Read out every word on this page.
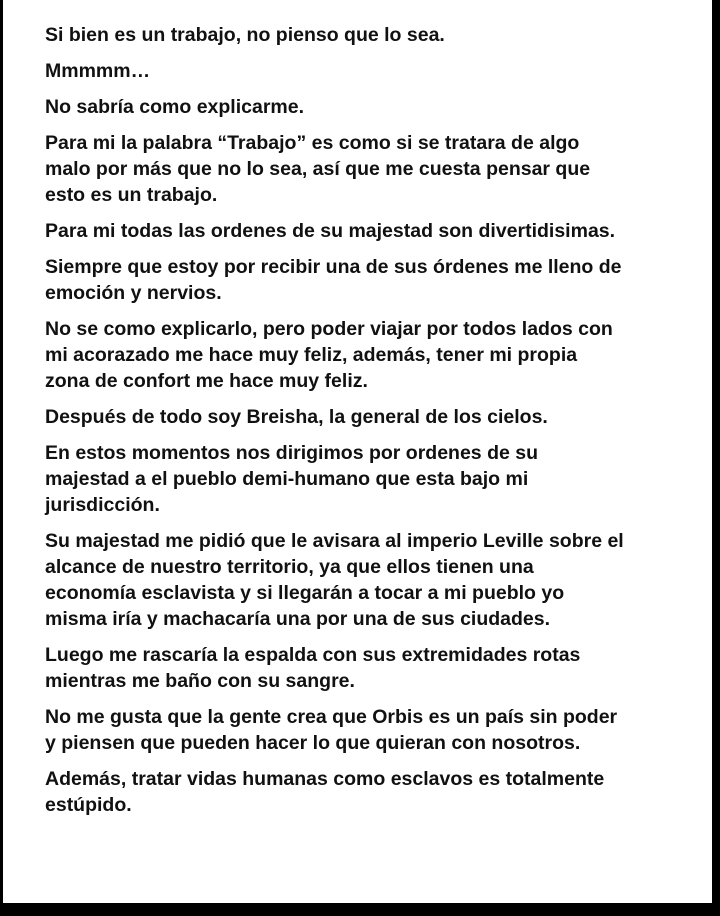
Si bien es un trabajo, no pienso que lo sea.

Mmmmm…

No sabría como explicarme.

Para mi la palabra “Trabajo” es como si se tratara de algo
malo por más que no lo sea, así que me cuesta pensar que
esto es un trabajo.

Para mi todas las ordenes de su majestad son divertidisimas.

Siempre que estoy por recibir una de sus órdenes me lleno de
emoción y nervios.

No se como explicarlo, pero poder viajar por todos lados con
mi acorazado me hace muy feliz, además, tener mi propia
zona de confort me hace muy feliz.

Después de todo soy Breisha, la general de los cielos.

En estos momentos nos dirigimos por ordenes de su
majestad a el pueblo demi-humano que esta bajo mi
jurisdicción.

Su majestad me pidió que le avisara al imperio Leville sobre el
alcance de nuestro territorio, ya que ellos tienen una
economía esclavista y si llegarán a tocar a mi pueblo yo
misma iría y machacaría una por una de sus ciudades.

Luego me rascaría la espalda con sus extremidades rotas
mientras me baño con su sangre.

No me gusta que la gente crea que Orbis es un país sin poder
y piensen que pueden hacer lo que quieran con nosotros.

Además, tratar vidas humanas como esclavos es totalmente
estúpido.
